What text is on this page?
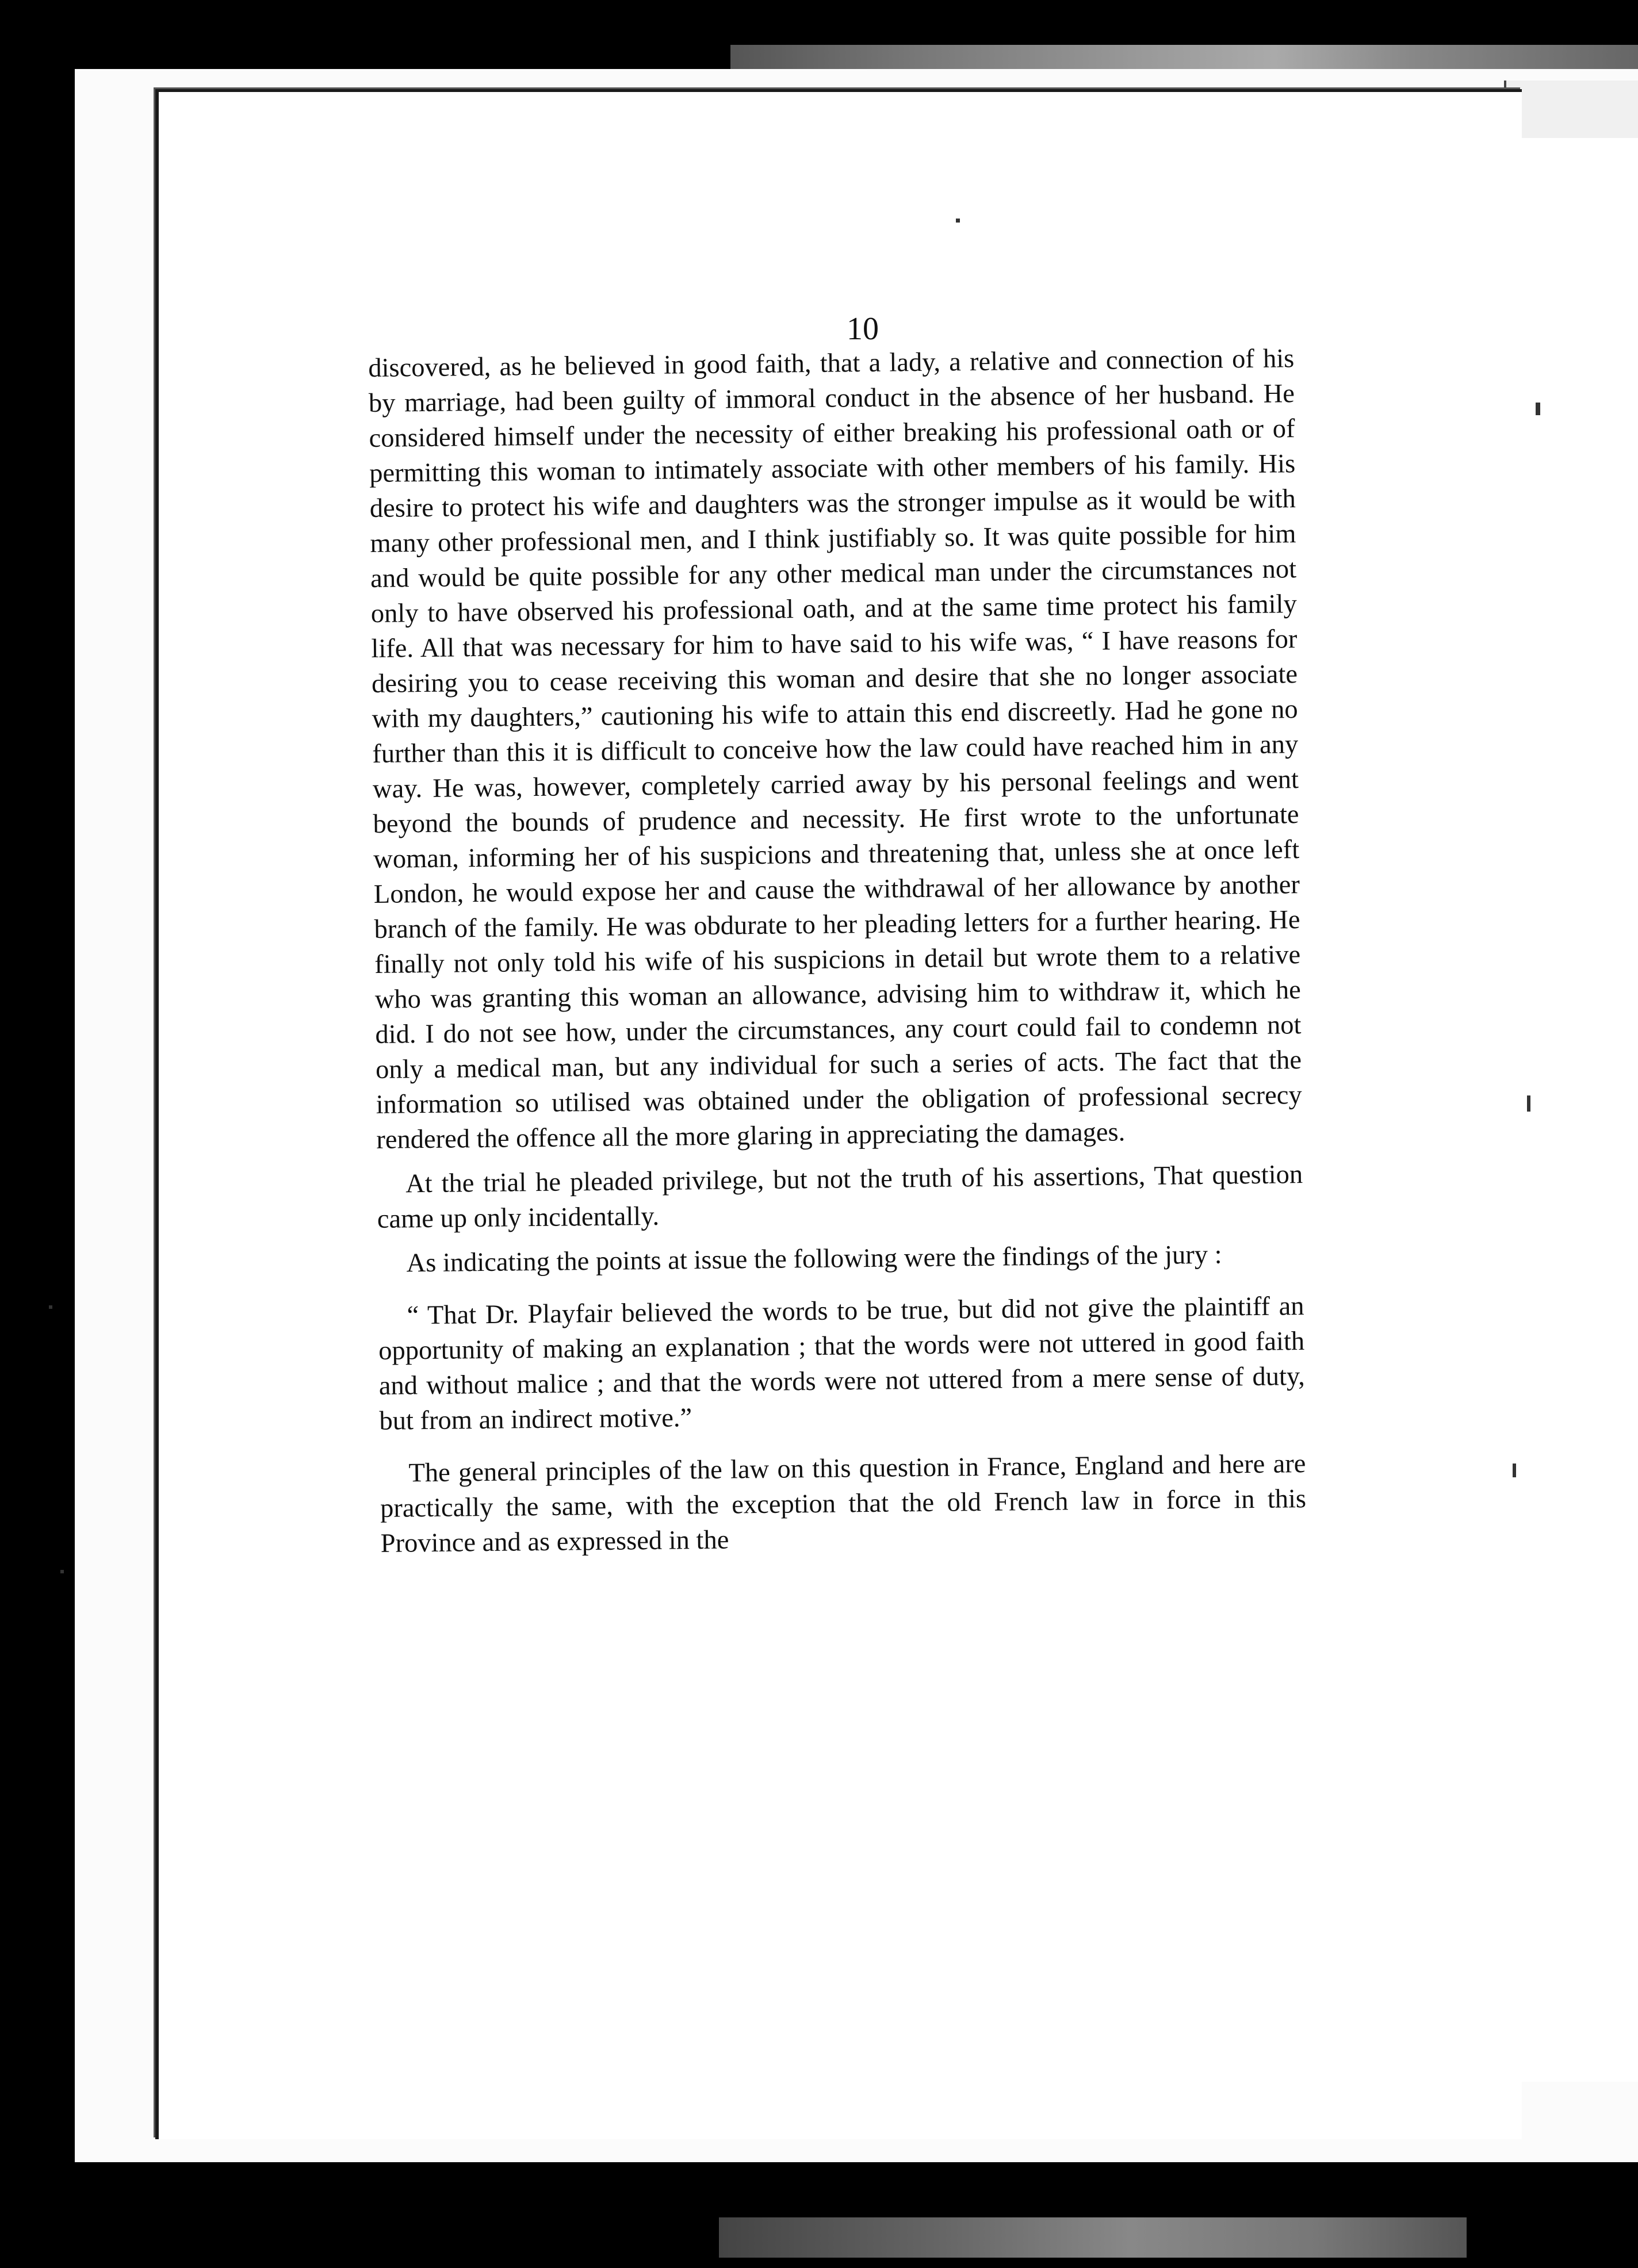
10

discovered, as he believed in good faith, that a lady, a relative and connection of his by marriage, had been guilty of immoral conduct in the absence of her husband. He considered himself under the necessity of either breaking his professional oath or of permitting this woman to intimately associate with other members of his family. His desire to protect his wife and daughters was the stronger impulse as it would be with many other professional men, and I think justifiably so. It was quite possible for him and would be quite possible for any other medical man under the circumstances not only to have observed his professional oath, and at the same time protect his family life. All that was necessary for him to have said to his wife was, “ I have reasons for desiring you to cease receiving this woman and desire that she no longer associate with my daughters,” cautioning his wife to attain this end discreetly. Had he gone no further than this it is difficult to conceive how the law could have reached him in any way. He was, however, completely carried away by his personal feelings and went beyond the bounds of prudence and necessity. He first wrote to the unfortunate woman, informing her of his suspicions and threatening that, unless she at once left London, he would expose her and cause the withdrawal of her allowance by another branch of the family. He was obdurate to her pleading letters for a further hearing. He finally not only told his wife of his suspicions in detail but wrote them to a relative who was granting this woman an allowance, advising him to withdraw it, which he did. I do not see how, under the circumstances, any court could fail to condemn not only a medical man, but any individual for such a series of acts. The fact that the information so utilised was obtained under the obligation of professional secrecy rendered the offence all the more glaring in appreciating the damages.

At the trial he pleaded privilege, but not the truth of his assertions, That question came up only incidentally.

As indicating the points at issue the following were the findings of the jury :

“ That Dr. Playfair believed the words to be true, but did not give the plaintiff an opportunity of making an explanation ; that the words were not uttered in good faith and without malice ; and that the words were not uttered from a mere sense of duty, but from an indirect motive.”

The general principles of the law on this question in France, England and here are practically the same, with the exception that the old French law in force in this Province and as expressed in the
